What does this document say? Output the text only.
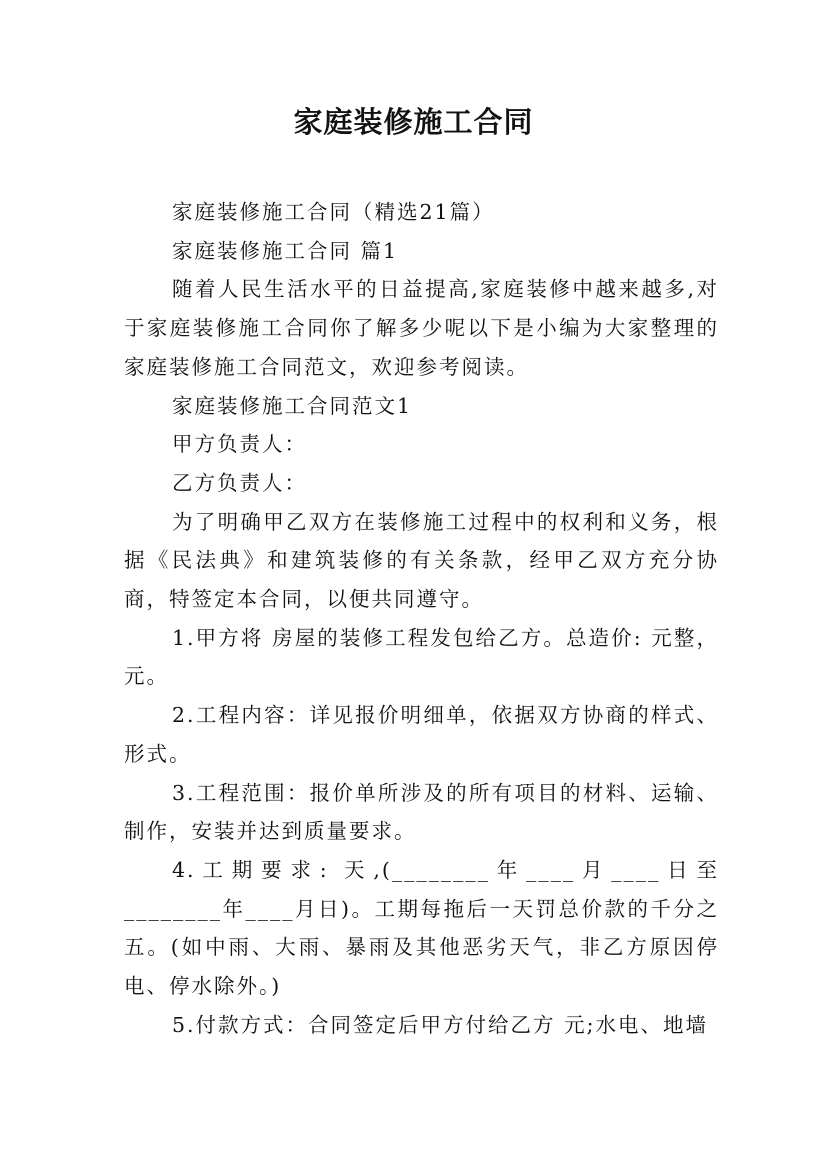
家庭装修施工合同

家庭装修施工合同（精选21篇）

家庭装修施工合同 篇1

随着人民生活水平的日益提高,家庭装修中越来越多,对于家庭装修施工合同你了解多少呢以下是小编为大家整理的家庭装修施工合同范文，欢迎参考阅读。

家庭装修施工合同范文1

甲方负责人：

乙方负责人：

为了明确甲乙双方在装修施工过程中的权利和义务，根据《民法典》和建筑装修的有关条款，经甲乙双方充分协商，特签定本合同，以便共同遵守。

1.甲方将 房屋的装修工程发包给乙方。总造价: 元整，元。

2.工程内容：详见报价明细单，依据双方协商的样式、形式。

3.工程范围：报价单所涉及的所有项目的材料、运输、制作，安装并达到质量要求。

4.工期要求: 天,(________年____月____日至________年____月日)。工期每拖后一天罚总价款的千分之五。(如中雨、大雨、暴雨及其他恶劣天气，非乙方原因停电、停水除外。)

5.付款方式：合同签定后甲方付给乙方 元;水电、地墙
